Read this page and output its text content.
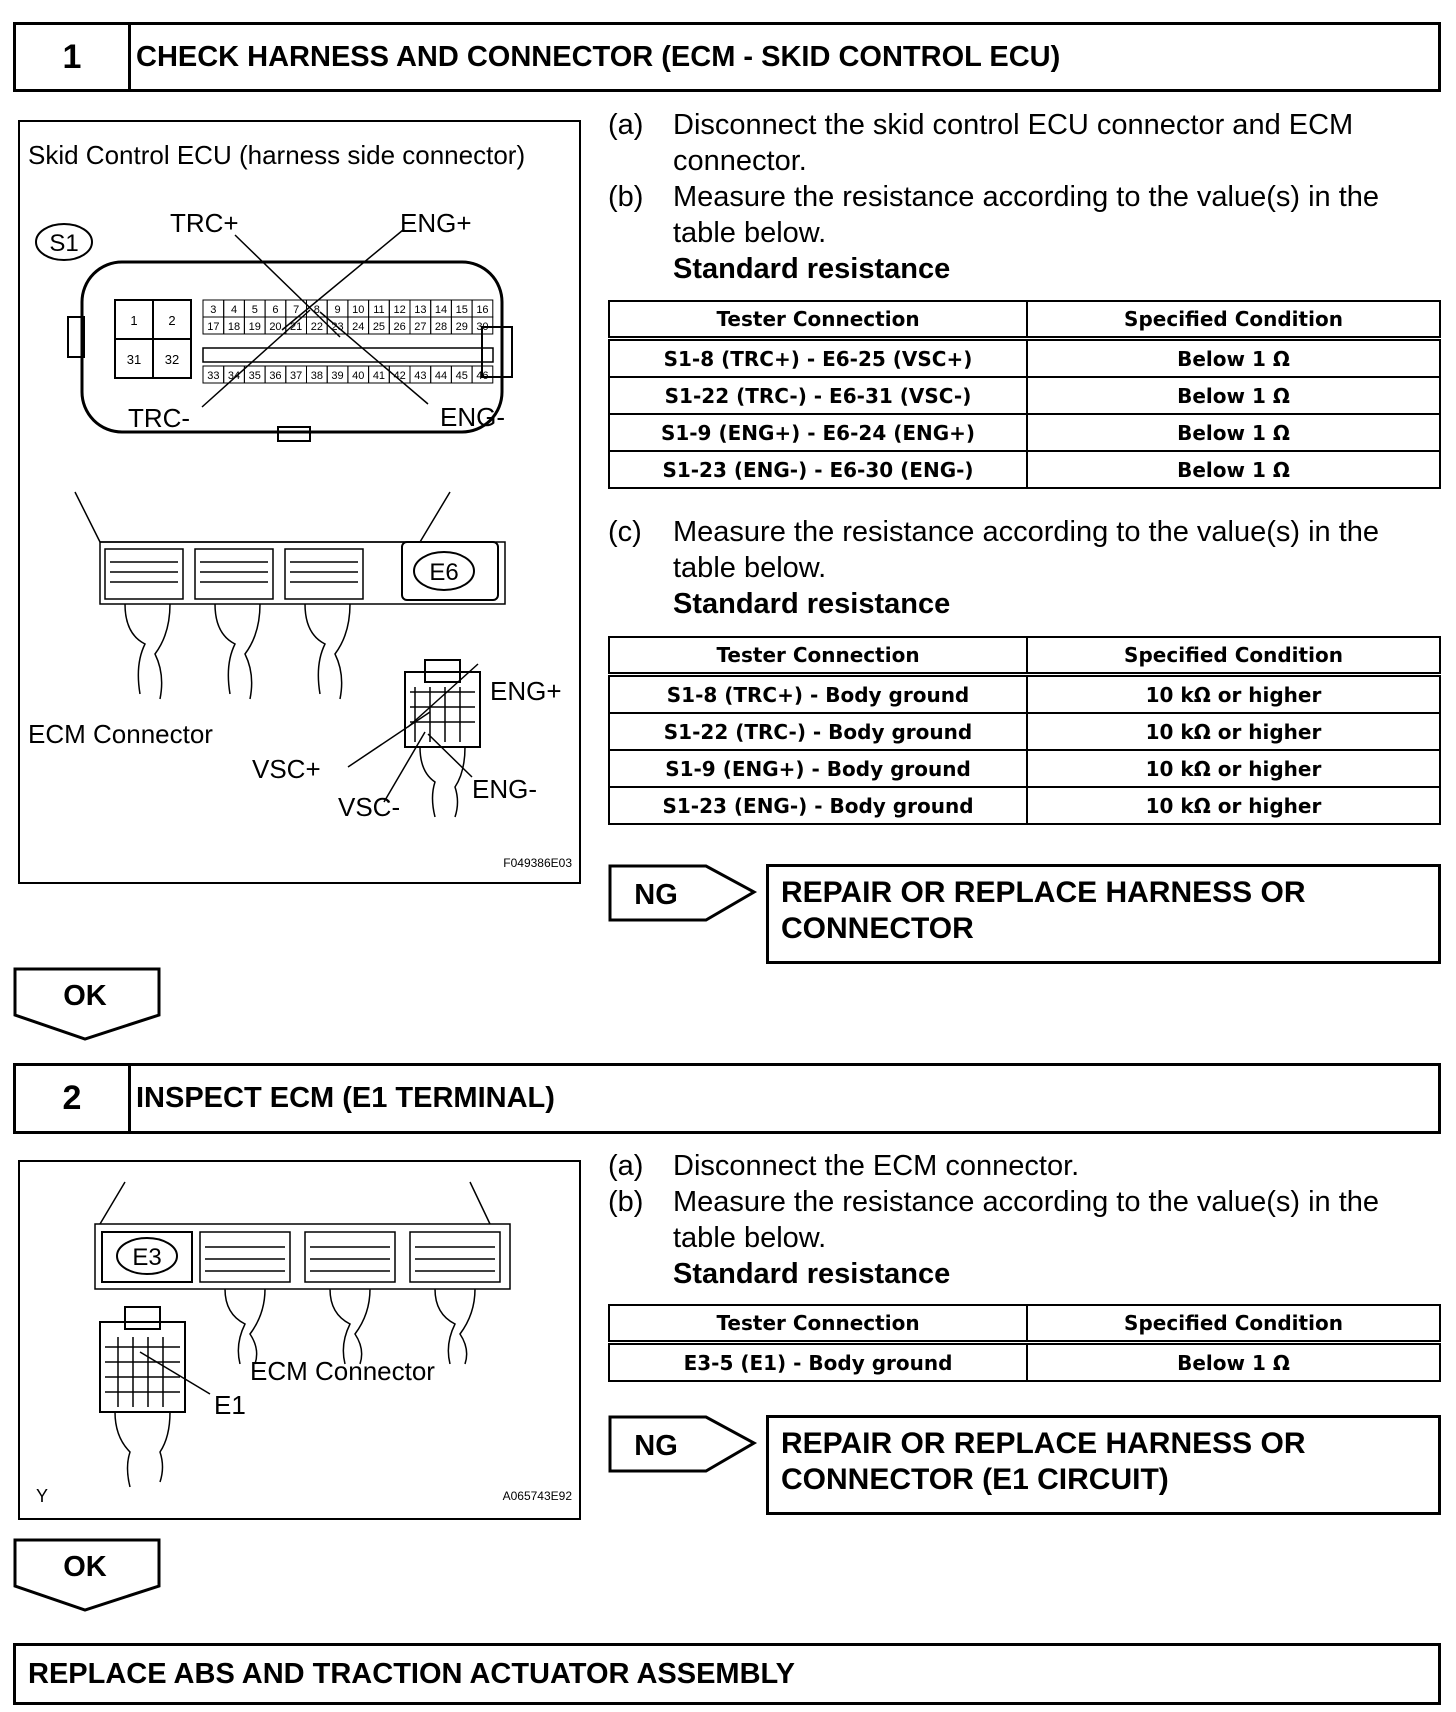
1	CHECK HARNESS AND CONNECTOR (ECM - SKID CONTROL ECU)
Skid Control ECU (harness side connector)
S1
1 2
31 32
3 4 5 6 7 8 9 10 11 12 13 14 15 16
17 18 19 20 21 22 23 24 25 26 27 28 29 30
33 34 35 36 37 38 39 40 41 42 43 44 45 46
TRC+	ENG+
TRC-	ENG-
E6
ECM Connector
ENG+
VSC+
VSC-
ENG-
F049386E03
(a) Disconnect the skid control ECU connector and ECM connector.
(b) Measure the resistance according to the value(s) in the table below.
Standard resistance
Tester Connection	Specified Condition
S1-8 (TRC+) - E6-25 (VSC+)	Below 1 Ω
S1-22 (TRC-) - E6-31 (VSC-)	Below 1 Ω
S1-9 (ENG+) - E6-24 (ENG+)	Below 1 Ω
S1-23 (ENG-) - E6-30 (ENG-)	Below 1 Ω
(c) Measure the resistance according to the value(s) in the table below.
Standard resistance
Tester Connection	Specified Condition
S1-8 (TRC+) - Body ground	10 kΩ or higher
S1-22 (TRC-) - Body ground	10 kΩ or higher
S1-9 (ENG+) - Body ground	10 kΩ or higher
S1-23 (ENG-) - Body ground	10 kΩ or higher
NG	REPAIR OR REPLACE HARNESS OR CONNECTOR
OK
2	INSPECT ECM (E1 TERMINAL)
E3
ECM Connector
E1
Y	A065743E92
(a) Disconnect the ECM connector.
(b) Measure the resistance according to the value(s) in the table below.
Standard resistance
Tester Connection	Specified Condition
E3-5 (E1) - Body ground	Below 1 Ω
NG	REPAIR OR REPLACE HARNESS OR CONNECTOR (E1 CIRCUIT)
OK
REPLACE ABS AND TRACTION ACTUATOR ASSEMBLY
